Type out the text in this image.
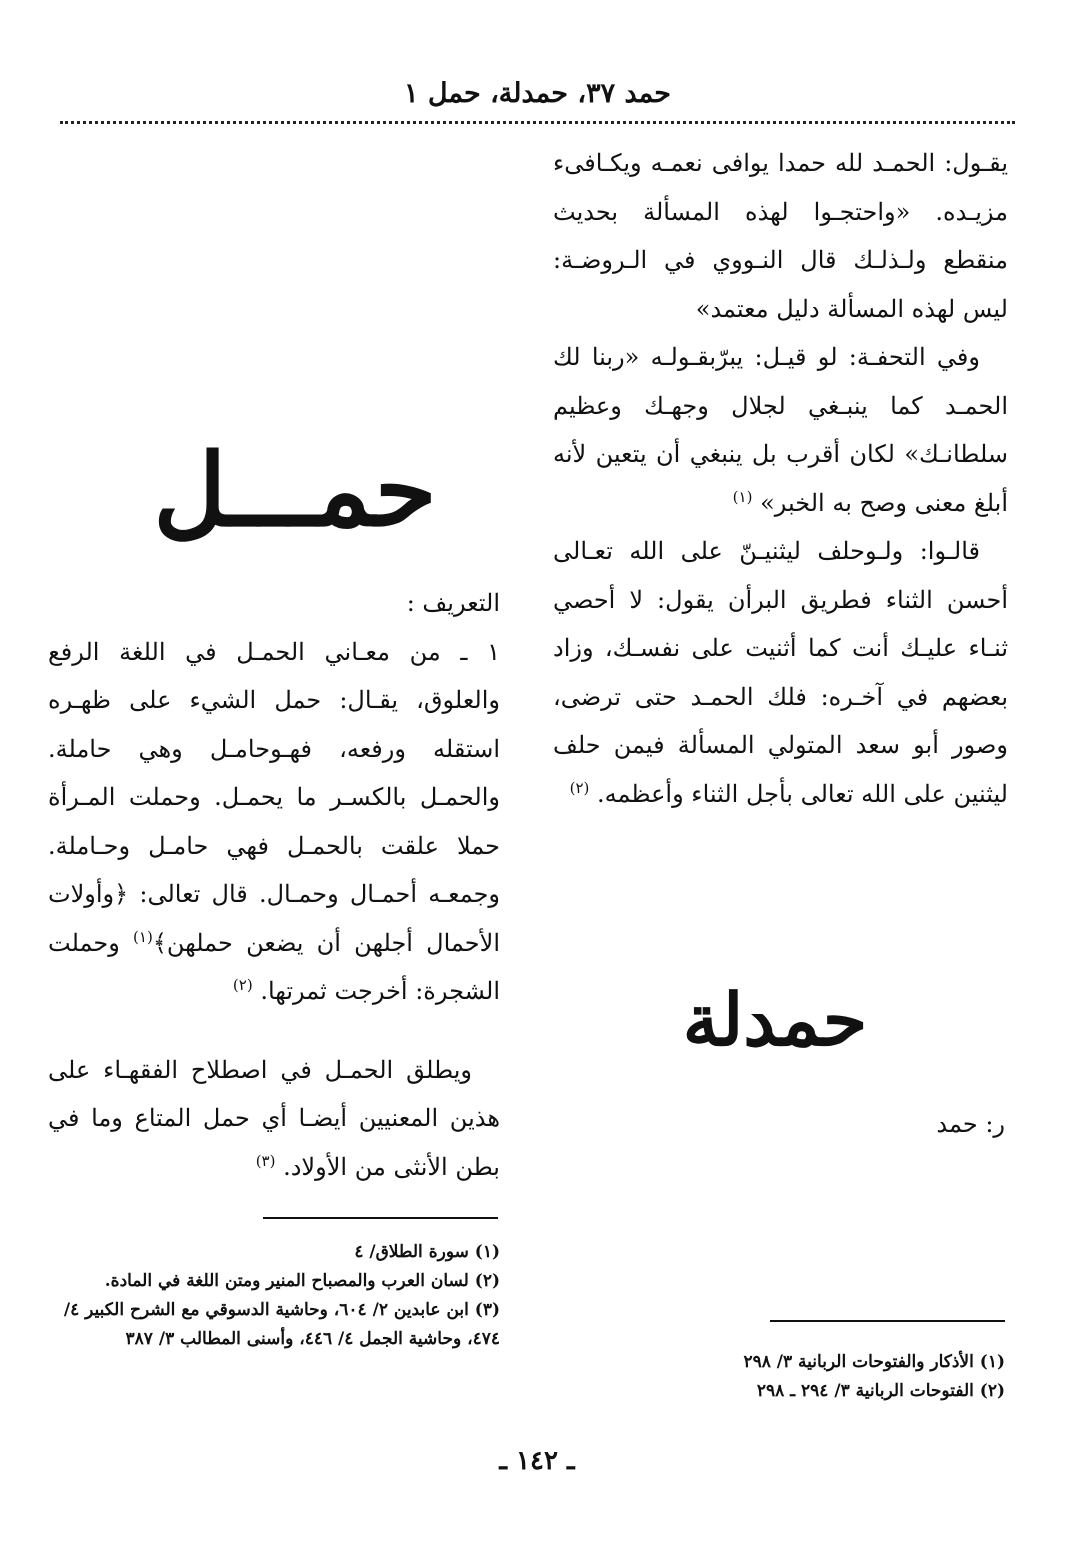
حمد ٣٧، حمدلة، حمل ١

يقـول: الحمـد لله حمدا يوافى نعمـه ويكـافىء مزيـده. «واحتجـوا لهذه المسألة بحديث منقطع ولـذلـك قال النـووي في الـروضـة: ليس لهذه المسألة دليل معتمد»

وفي التحفـة: لو قيـل: يبرّبقـولـه «ربنا لك الحمـد كما ينبـغي لجلال وجهـك وعظيم سلطانـك» لكان أقرب بل ينبغي أن يتعين لأنه أبلغ معنى وصح به الخبر» $^{(١)}$

قالـوا: ولـوحلف ليثنيـنّ على الله تعـالى أحسن الثناء فطريق البرأن يقول: لا أحصي ثنـاء عليـك أنت كما أثنيت على نفسـك، وزاد بعضهم في آخـره: فلك الحمـد حتى ترضى، وصور أبو سعد المتولي المسألة فيمن حلف ليثنين على الله تعالى بأجل الثناء وأعظمه. $^{(٢)}$

حمـــل
حمدلة
ر: حمد

التعريف :

١ ـ من معـاني الحمـل في اللغة الرفع والعلوق، يقـال: حمل الشيء على ظهـره استقله ورفعه، فهـوحامـل وهي حاملة. والحمـل بالكسـر ما يحمـل. وحملت المـرأة حملا علقت بالحمـل فهي حامـل وحـاملة. وجمعـه أحمـال وحمـال. قال تعالى: ﴿وأولات الأحمال أجلهن أن يضعن حملهن﴾$^{(١)}$ وحملت الشجرة: أخرجت ثمرتها. $^{(٢)}$

ويطلق الحمـل في اصطلاح الفقهـاء على هذين المعنيين أيضـا أي حمل المتاع وما في بطن الأنثى من الأولاد. $^{(٣)}$

(١) سورة الطلاق/ ٤
(٢) لسان العرب والمصباح المنير ومتن اللغة في المادة.
(٣) ابن عابدين ٢/ ٦٠٤، وحاشية الدسوقي مع الشرح الكبير ٤/ ٤٧٤، وحاشية الجمل ٤/ ٤٤٦، وأسنى المطالب ٣/ ٣٨٧
(١) الأذكار والفتوحات الربانية ٣/ ٢٩٨
(٢) الفتوحات الربانية ٣/ ٢٩٤ ـ ٢٩٨
ـ ١٤٢ ـ
